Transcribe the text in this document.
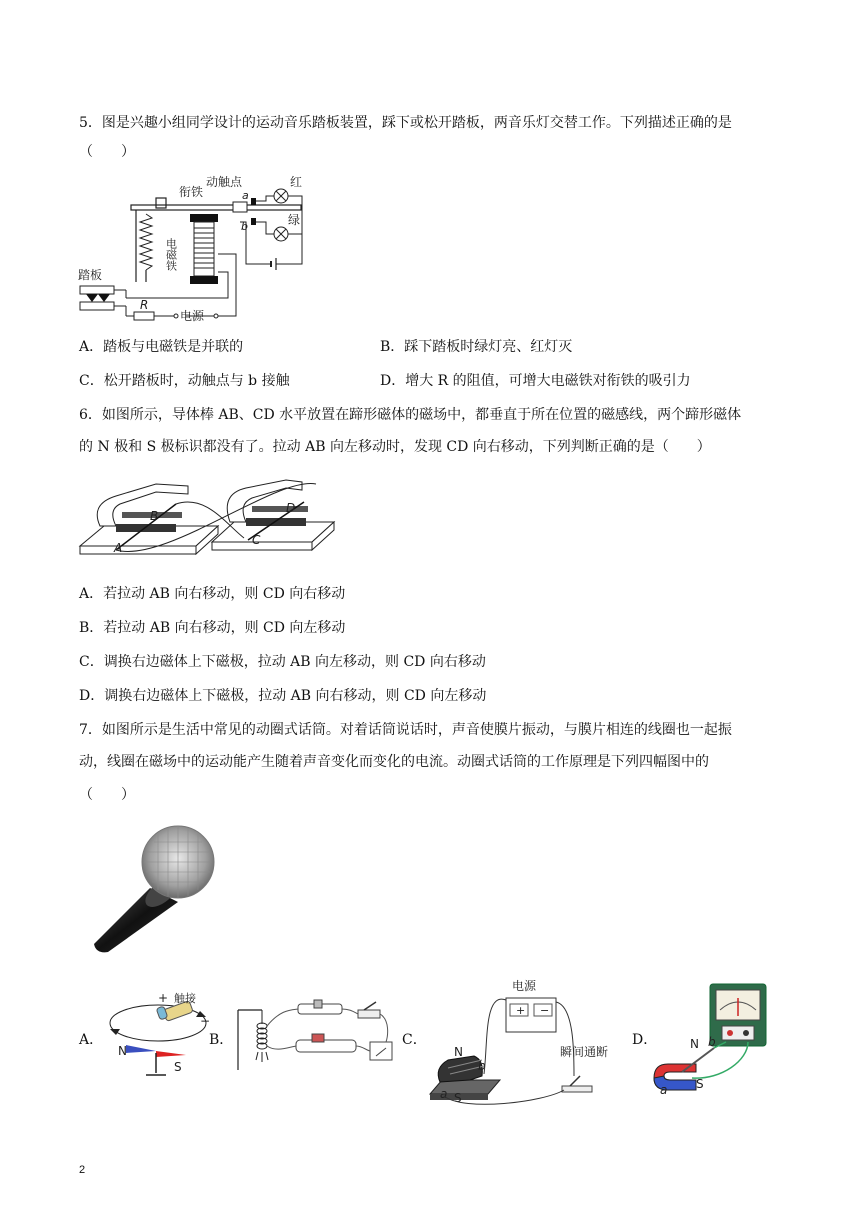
5．图是兴趣小组同学设计的运动音乐踏板装置，踩下或松开踏板，两音乐灯交替工作。下列描述正确的是
（　　）
电磁铁
衔铁
动触点
a
b
红
绿
踏板
R
电源
A．踏板与电磁铁是并联的	B．踩下踏板时绿灯亮、红灯灭
C．松开踏板时，动触点与 b 接触	D．增大 R 的阻值，可增大电磁铁对衔铁的吸引力
6．如图所示，导体棒 AB、CD 水平放置在蹄形磁体的磁场中，都垂直于所在位置的磁感线，两个蹄形磁体
的 N 极和 S 极标识都没有了。拉动 AB 向左移动时，发现 CD 向右移动，下列判断正确的是（　　）
A
B
C
D
A．若拉动 AB 向右移动，则 CD 向右移动
B．若拉动 AB 向右移动，则 CD 向左移动
C．调换右边磁体上下磁极，拉动 AB 向左移动，则 CD 向右移动
D．调换右边磁体上下磁极，拉动 AB 向右移动，则 CD 向左移动
7．如图所示是生活中常见的动圈式话筒。对着话筒说话时，声音使膜片振动，与膜片相连的线圈也一起振
动，线圈在磁场中的运动能产生随着声音变化而变化的电流。动圈式话筒的工作原理是下列四幅图中的
（　　）
A．
+
−
触接
N
S
B．	C．
电源
+ −
N
S
a
b
瞬间通断
D．	N
S
a
b
2
